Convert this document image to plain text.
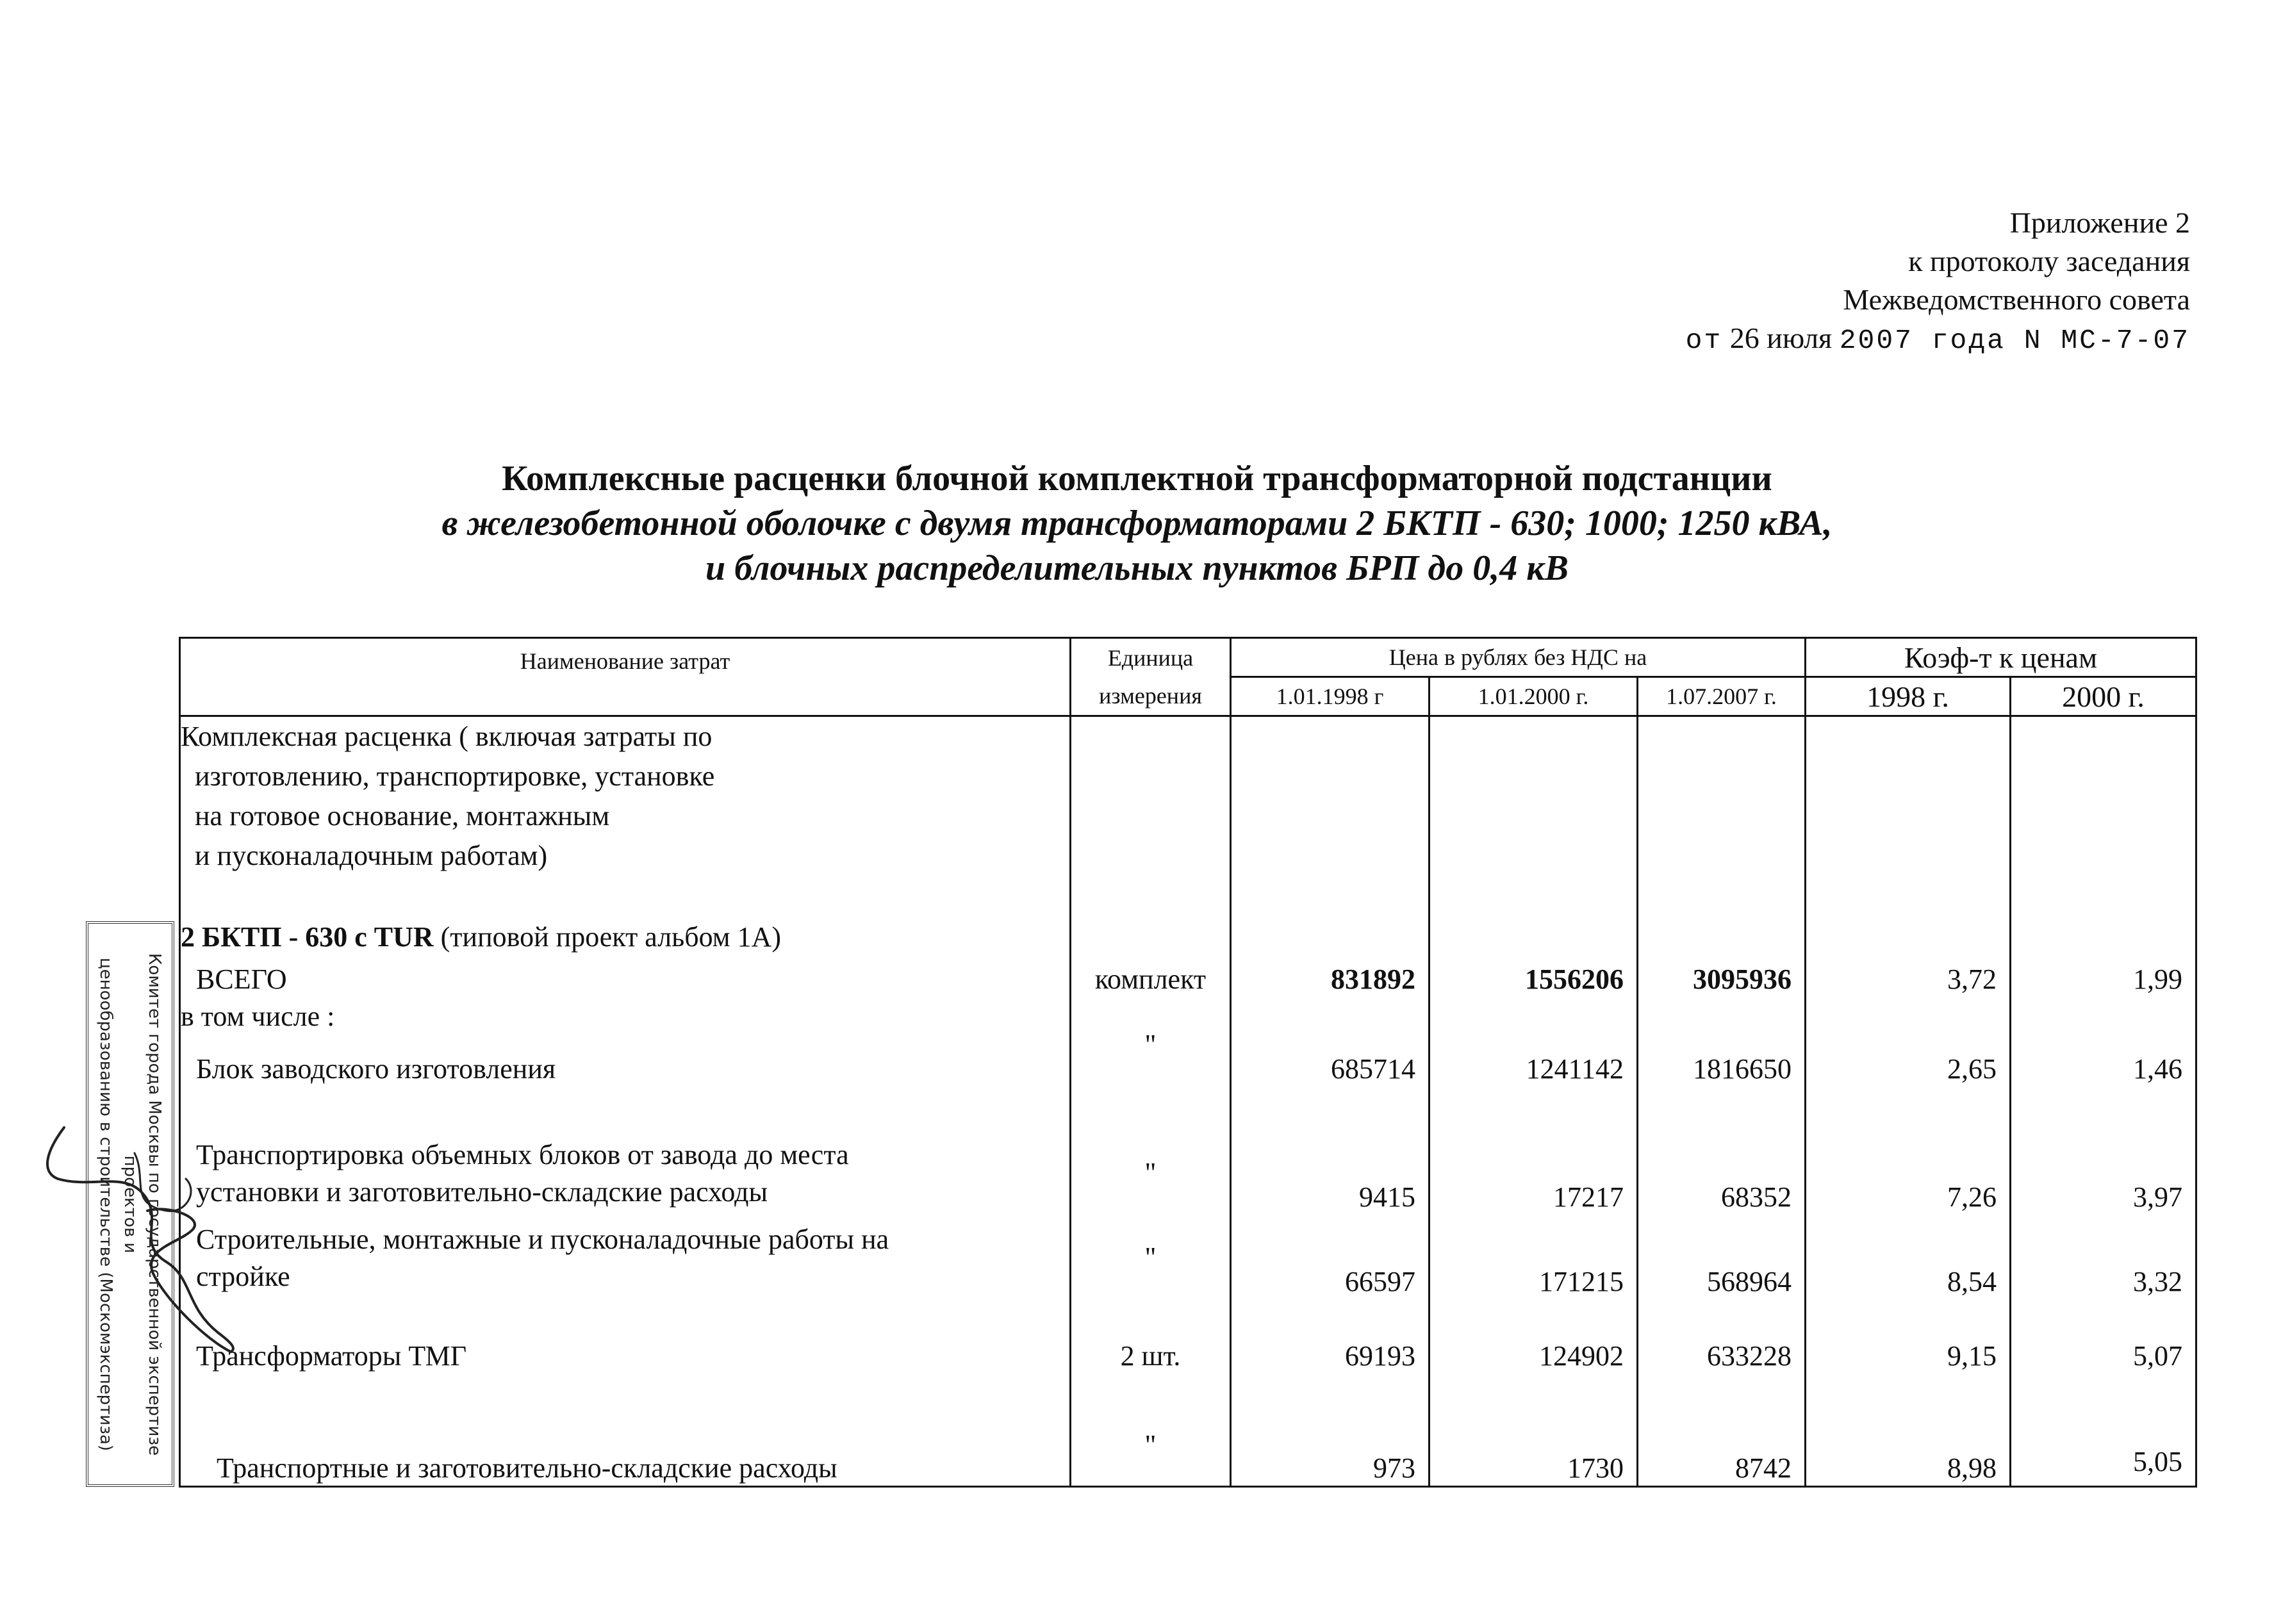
Приложение 2
к протоколу заседания
Межведомственного совета
от 26 июля 2007 года N МС-7-07
Комплексные расценки блочной комплектной трансформаторной подстанции
в железобетонной оболочке с двумя трансформаторами 2 БКТП - 630; 1000; 1250 кВА,
и блочных распределительных пунктов БРП до 0,4 кВ
Наименование затрат	Единица	Цена в рублях без НДС на			Коэф-т к ценам	
	измерения	1.01.1998 г	1.01.2000 г.	1.07.2007 г.	1998 г.	2000 г.

Комплексная расценка ( включая затраты по
изготовлению, транспортировке, установке
на готовое основание, монтажным
и пусконаладочным работам)						

2 БКТП - 630 с TUR (типовой проект альбом 1А)						
ВСЕГО	комплект	831892	1556206	3095936	3,72	1,99
в том числе :						
Блок заводского изготовления	"	685714	1241142	1816650	2,65	1,46

Транспортировка объемных блоков от завода до места
установки и заготовительно-складские расходы	"	9415	17217	68352	7,26	3,97

Строительные, монтажные и пусконаладочные работы на
стройке	"	66597	171215	568964	8,54	3,32
Трансформаторы ТМГ	2 шт.	69193	124902	633228	9,15	5,07
Транспортные и заготовительно-складские расходы	"	973	1730	8742	8,98	5,05
Комитет города Москвы по государственной экспертизе проектов и
ценообразованию в строительстве (Москомэкспертиза)
